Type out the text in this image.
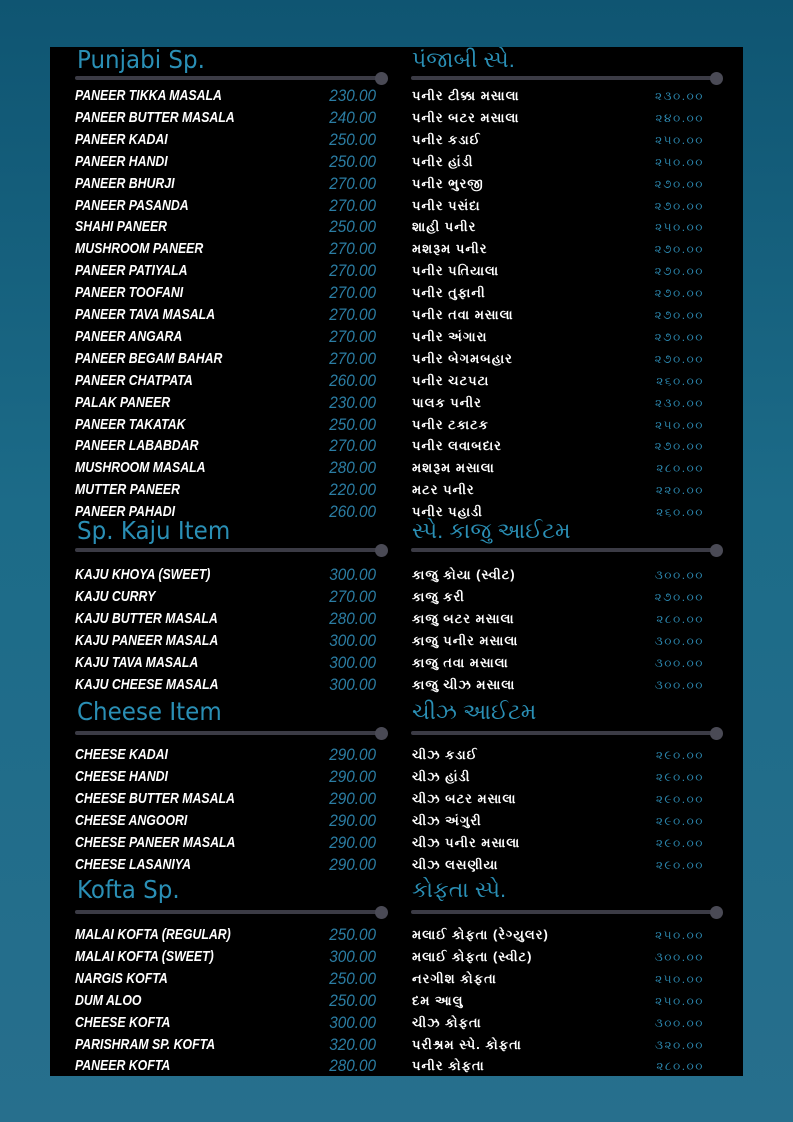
Punjabi Sp.	પંજાબી સ્પે.
PANEER TIKKA MASALA	230.00	પનીર ટીક્કા મસાલા	૨૩૦.૦૦
PANEER BUTTER MASALA	240.00	પનીર બટર મસાલા	૨૪૦.૦૦
PANEER KADAI	250.00	પનીર કડાઈ	૨૫૦.૦૦
PANEER HANDI	250.00	પનીર હાંડી	૨૫૦.૦૦
PANEER BHURJI	270.00	પનીર ભુરજી	૨૭૦.૦૦
PANEER PASANDA	270.00	પનીર પસંદા	૨૭૦.૦૦
SHAHI PANEER	250.00	શાહી પનીર	૨૫૦.૦૦
MUSHROOM PANEER	270.00	મશરૂમ પનીર	૨૭૦.૦૦
PANEER PATIYALA	270.00	પનીર પતિયાલા	૨૭૦.૦૦
PANEER TOOFANI	270.00	પનીર તુફાની	૨૭૦.૦૦
PANEER TAVA MASALA	270.00	પનીર તવા મસાલા	૨૭૦.૦૦
PANEER ANGARA	270.00	પનીર અંગારા	૨૭૦.૦૦
PANEER BEGAM BAHAR	270.00	પનીર બેગમબહાર	૨૭૦.૦૦
PANEER CHATPATA	260.00	પનીર ચટપટા	૨૬૦.૦૦
PALAK PANEER	230.00	પાલક પનીર	૨૩૦.૦૦
PANEER TAKATAK	250.00	પનીર ટકાટક	૨૫૦.૦૦
PANEER LABABDAR	270.00	પનીર લવાબદાર	૨૭૦.૦૦
MUSHROOM MASALA	280.00	મશરૂમ મસાલા	૨૮૦.૦૦
MUTTER PANEER	220.00	મટર પનીર	૨૨૦.૦૦
PANEER PAHADI	260.00	પનીર પહાડી	૨૬૦.૦૦
Sp. Kaju Item	સ્પે. કાજુ આઈટમ
KAJU KHOYA (SWEET)	300.00	કાજુ કોયા (સ્વીટ)	૩૦૦.૦૦
KAJU CURRY	270.00	કાજુ કરી	૨૭૦.૦૦
KAJU BUTTER MASALA	280.00	કાજુ બટર મસાલા	૨૮૦.૦૦
KAJU PANEER MASALA	300.00	કાજુ પનીર મસાલા	૩૦૦.૦૦
KAJU TAVA MASALA	300.00	કાજુ તવા મસાલા	૩૦૦.૦૦
KAJU CHEESE MASALA	300.00	કાજુ ચીઝ મસાલા	૩૦૦.૦૦
Cheese Item	ચીઝ આઈટમ
CHEESE KADAI	290.00	ચીઝ કડાઈ	૨૯૦.૦૦
CHEESE HANDI	290.00	ચીઝ હાંડી	૨૯૦.૦૦
CHEESE BUTTER MASALA	290.00	ચીઝ બટર મસાલા	૨૯૦.૦૦
CHEESE ANGOORI	290.00	ચીઝ અંગુરી	૨૯૦.૦૦
CHEESE PANEER MASALA	290.00	ચીઝ પનીર મસાલા	૨૯૦.૦૦
CHEESE LASANIYA	290.00	ચીઝ લસણીયા	૨૯૦.૦૦
Kofta Sp.	કોફતા સ્પે.
MALAI KOFTA (REGULAR)	250.00	મલાઈ કોફતા (રેગ્યુલર)	૨૫૦.૦૦
MALAI KOFTA (SWEET)	300.00	મલાઈ કોફતા (સ્વીટ)	૩૦૦.૦૦
NARGIS KOFTA	250.00	નરગીશ કોફતા	૨૫૦.૦૦
DUM ALOO	250.00	દમ આલુ	૨૫૦.૦૦
CHEESE KOFTA	300.00	ચીઝ કોફતા	૩૦૦.૦૦
PARISHRAM SP. KOFTA	320.00	પરીશ્રમ સ્પે. કોફતા	૩૨૦.૦૦
PANEER KOFTA	280.00	પનીર કોફતા	૨૮૦.૦૦
